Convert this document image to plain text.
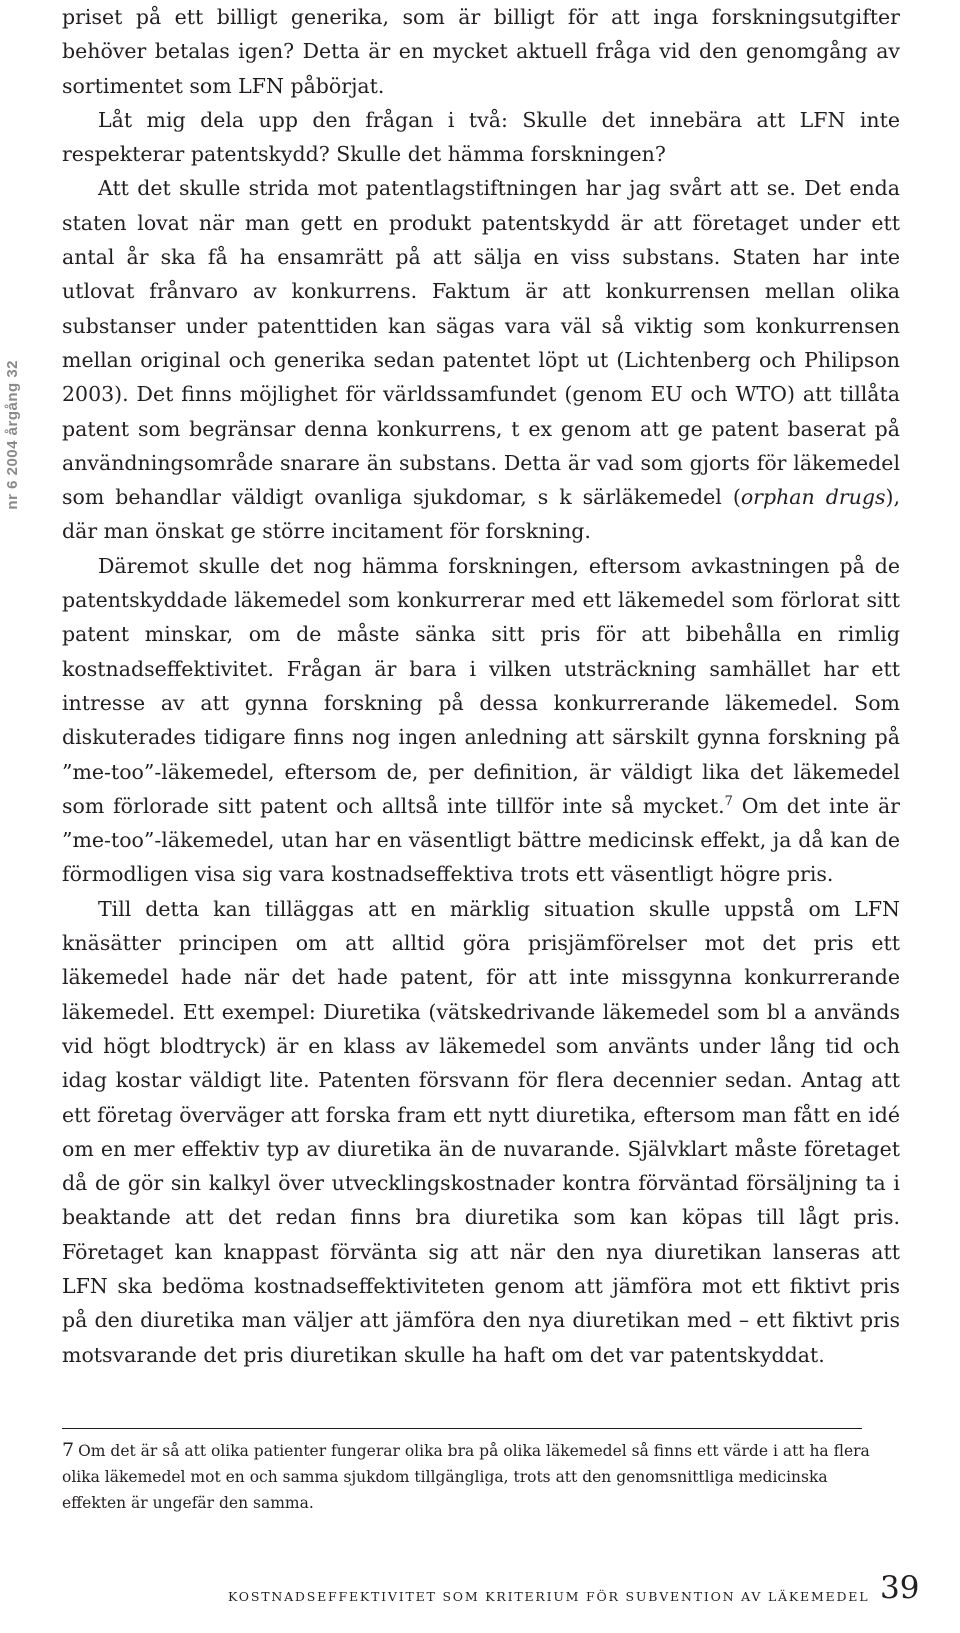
nr 6 2004 årgång 32

priset på ett billigt generika, som är billigt för att inga forskningsutgifter behöver betalas igen? Detta är en mycket aktuell fråga vid den genomgång av sortimentet som LFN påbörjat.

Låt mig dela upp den frågan i två: Skulle det innebära att LFN inte respekterar patentskydd? Skulle det hämma forskningen?

Att det skulle strida mot patentlagstiftningen har jag svårt att se. Det enda staten lovat när man gett en produkt patentskydd är att företaget under ett antal år ska få ha ensamrätt på att sälja en viss substans. Staten har inte utlovat frånvaro av konkurrens. Faktum är att konkurrensen mellan olika substanser under patenttiden kan sägas vara väl så viktig som konkurrensen mellan original och generika sedan patentet löpt ut (Lichtenberg och Philipson 2003). Det finns möjlighet för världssamfundet (genom EU och WTO) att tillåta patent som begränsar denna konkurrens, t ex genom att ge patent baserat på användningsområde snarare än substans. Detta är vad som gjorts för läkemedel som behandlar väldigt ovanliga sjukdomar, s k särläkemedel (orphan drugs), där man önskat ge större incitament för forskning.

Däremot skulle det nog hämma forskningen, eftersom avkastningen på de patentskyddade läkemedel som konkurrerar med ett läkemedel som förlorat sitt patent minskar, om de måste sänka sitt pris för att bibehålla en rimlig kostnadseffektivitet. Frågan är bara i vilken utsträckning samhället har ett intresse av att gynna forskning på dessa konkurrerande läkemedel. Som diskuterades tidigare finns nog ingen anledning att särskilt gynna forskning på ”me-too”-läkemedel, eftersom de, per definition, är väldigt lika det läkemedel som förlorade sitt patent och alltså inte tillför inte så mycket.$^7$ Om det inte är ”me-too”-läkemedel, utan har en väsentligt bättre medicinsk effekt, ja då kan de förmodligen visa sig vara kostnadseffektiva trots ett väsentligt högre pris.

Till detta kan tilläggas att en märklig situation skulle uppstå om LFN knäsätter principen om att alltid göra prisjämförelser mot det pris ett läkemedel hade när det hade patent, för att inte missgynna konkurrerande läkemedel. Ett exempel: Diuretika (vätskedrivande läkemedel som bl a används vid högt blodtryck) är en klass av läkemedel som använts under lång tid och idag kostar väldigt lite. Patenten försvann för flera decennier sedan. Antag att ett företag överväger att forska fram ett nytt diuretika, eftersom man fått en idé om en mer effektiv typ av diuretika än de nuvarande. Självklart måste företaget då de gör sin kalkyl över utvecklingskostnader kontra förväntad försäljning ta i beaktande att det redan finns bra diuretika som kan köpas till lågt pris. Företaget kan knappast förvänta sig att när den nya diuretikan lanseras att LFN ska bedöma kostnadseffektiviteten genom att jämföra mot ett fiktivt pris på den diuretika man väljer att jämföra den nya diuretikan med – ett fiktivt pris motsvarande det pris diuretikan skulle ha haft om det var patentskyddat.

7 Om det är så att olika patienter fungerar olika bra på olika läkemedel så finns ett värde i att ha flera olika läkemedel mot en och samma sjukdom tillgängliga, trots att den genomsnittliga medicinska effekten är ungefär den samma.
KOSTNADSEFFEKTIVITET SOM KRITERIUM FÖR SUBVENTION AV LÄKEMEDEL 39
